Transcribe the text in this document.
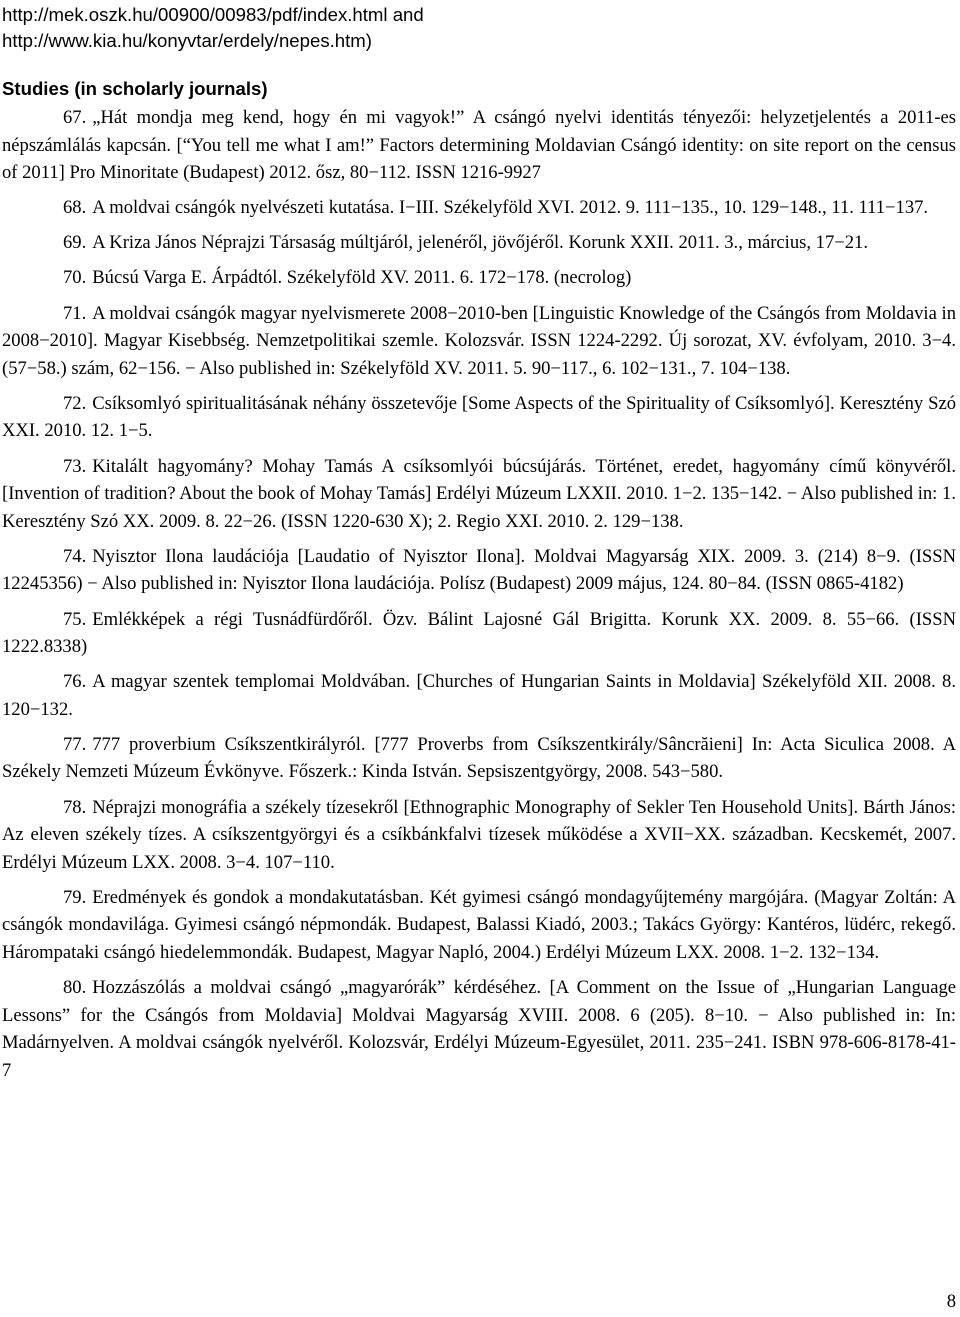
http://mek.oszk.hu/00900/00983/pdf/index.html and

http://www.kia.hu/konyvtar/erdely/nepes.htm)

Studies (in scholarly journals)
67. „Hát mondja meg kend, hogy én mi vagyok!” A csángó nyelvi identitás tényezői: helyzetjelentés a 2011-es népszámlálás kapcsán. [“You tell me what I am!” Factors determining Moldavian Csángó identity: on site report on the census of 2011] Pro Minoritate (Budapest) 2012. ősz, 80−112. ISSN 1216-9927
68. A moldvai csángók nyelvészeti kutatása. I−III. Székelyföld XVI. 2012. 9. 111−135., 10. 129−148., 11. 111−137.
69. A Kriza János Néprajzi Társaság múltjáról, jelenéről, jövőjéről. Korunk XXII. 2011. 3., március, 17−21.
70. Búcsú Varga E. Árpádtól. Székelyföld XV. 2011. 6. 172−178. (necrolog)
71. A moldvai csángók magyar nyelvismerete 2008−2010-ben [Linguistic Knowledge of the Csángós from Moldavia in 2008−2010]. Magyar Kisebbség. Nemzetpolitikai szemle. Kolozsvár. ISSN 1224-2292. Új sorozat, XV. évfolyam, 2010. 3−4. (57−58.) szám, 62−156. − Also published in: Székelyföld XV. 2011. 5. 90−117., 6. 102−131., 7. 104−138.
72. Csíksomlyó spiritualitásának néhány összetevője [Some Aspects of the Spirituality of Csíksomlyó]. Keresztény Szó XXI. 2010. 12. 1−5.
73. Kitalált hagyomány? Mohay Tamás A csíksomlyói búcsújárás. Történet, eredet, hagyomány című könyvéről. [Invention of tradition? About the book of Mohay Tamás] Erdélyi Múzeum LXXII. 2010. 1−2. 135−142. − Also published in: 1. Keresztény Szó XX. 2009. 8. 22−26. (ISSN 1220-630 X); 2. Regio XXI. 2010. 2. 129−138.
74. Nyisztor Ilona laudációja [Laudatio of Nyisztor Ilona]. Moldvai Magyarság XIX. 2009. 3. (214) 8−9. (ISSN 12245356) − Also published in: Nyisztor Ilona laudációja. Polísz (Budapest) 2009 május, 124. 80−84. (ISSN 0865-4182)
75. Emlékképek a régi Tusnádfürdőről. Özv. Bálint Lajosné Gál Brigitta. Korunk XX. 2009. 8. 55−66. (ISSN 1222.8338)
76. A magyar szentek templomai Moldvában. [Churches of Hungarian Saints in Moldavia] Székelyföld XII. 2008. 8. 120−132.
77. 777 proverbium Csíkszentkirályról. [777 Proverbs from Csíkszentkirály/Sâncrăieni] In: Acta Siculica 2008. A Székely Nemzeti Múzeum Évkönyve. Főszerk.: Kinda István. Sepsiszentgyörgy, 2008. 543−580.
78. Néprajzi monográfia a székely tízesekről [Ethnographic Monography of Sekler Ten Household Units]. Bárth János: Az eleven székely tízes. A csíkszentgyörgyi és a csíkbánkfalvi tízesek működése a XVII−XX. században. Kecskemét, 2007. Erdélyi Múzeum LXX. 2008. 3−4. 107−110.
79. Eredmények és gondok a mondakutatásban. Két gyimesi csángó mondagyűjtemény margójára. (Magyar Zoltán: A csángók mondavilága. Gyimesi csángó népmondák. Budapest, Balassi Kiadó, 2003.; Takács György: Kantéros, lüdérc, rekegő. Hárompataki csángó hiedelemmondák. Budapest, Magyar Napló, 2004.) Erdélyi Múzeum LXX. 2008. 1−2. 132−134.
80. Hozzászólás a moldvai csángó „magyarórák” kérdéséhez. [A Comment on the Issue of „Hungarian Language Lessons” for the Csángós from Moldavia] Moldvai Magyarság XVIII. 2008. 6 (205). 8−10. − Also published in: In: Madárnyelven. A moldvai csángók nyelvéről. Kolozsvár, Erdélyi Múzeum-Egyesület, 2011. 235−241. ISBN 978-606-8178-41-7
8
